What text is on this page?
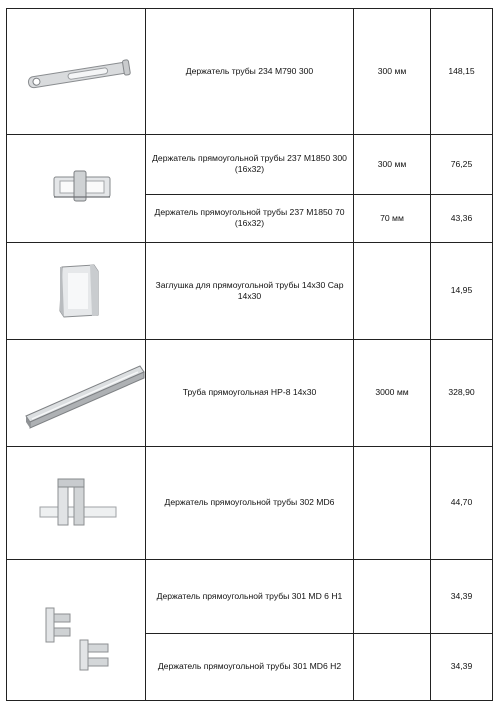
	Держатель трубы 234 M790 300	300 мм	148,15

	Держатель прямоугольной трубы 237 M1850 300 (16x32)	300 мм	76,25
	Держатель прямоугольной трубы 237 M1850 70 (16x32)	70 мм	43,36

	Заглушка для прямоугольной трубы 14x30 Cap 14x30		14,95

	Труба прямоугольная НР-8 14x30	3000 мм	328,90

	Держатель прямоугольной трубы 302 MD6		44,70

	Держатель прямоугольной трубы 301 MD 6 H1		34,39
	Держатель прямоугольной трубы 301 MD6 H2		34,39
